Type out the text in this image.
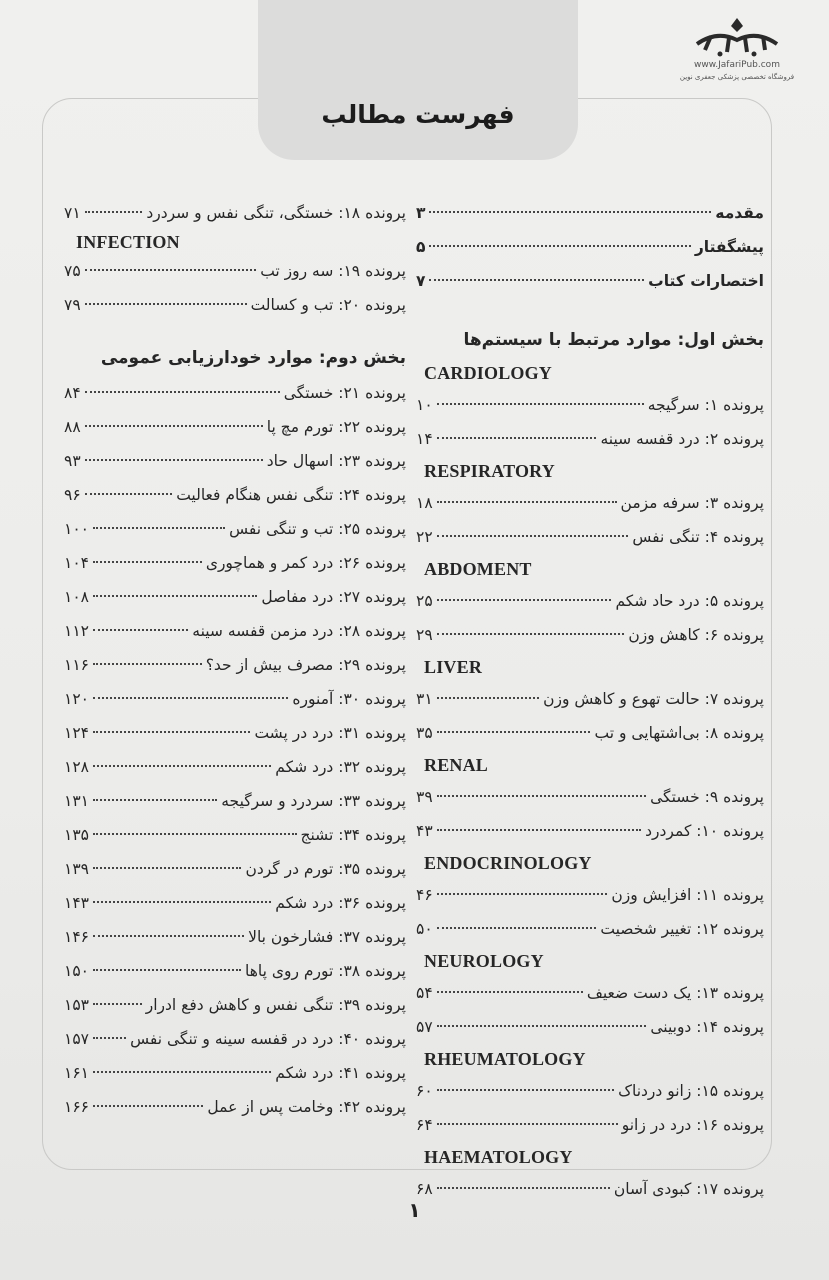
www.JafariPub.com
فروشگاه تخصصی پزشکی جعفری نوین
فهرست مطالب
مقدمه
۳
پیشگفتار
۵
اختصارات کتاب
۷
بخش اول: موارد مرتبط با سیستم‌ها
CARDIOLOGY
پرونده ۱: سرگیجه
۱۰
پرونده ۲: درد قفسه سینه
۱۴
RESPIRATORY
پرونده ۳: سرفه مزمن
۱۸
پرونده ۴: تنگی نفس
۲۲
ABDOMENT
پرونده ۵: درد حاد شکم
۲۵
پرونده ۶: کاهش وزن
۲۹
LIVER
پرونده ۷: حالت تهوع و کاهش وزن
۳۱
پرونده ۸: بی‌اشتهایی و تب
۳۵
RENAL
پرونده ۹: خستگی
۳۹
پرونده ۱۰: کمردرد
۴۳
ENDOCRINOLOGY
پرونده ۱۱: افزایش وزن
۴۶
پرونده ۱۲: تغییر شخصیت
۵۰
NEUROLOGY
پرونده ۱۳: یک دست ضعیف
۵۴
پرونده ۱۴: دوبینی
۵۷
RHEUMATOLOGY
پرونده ۱۵: زانو دردناک
۶۰
پرونده ۱۶: درد در زانو
۶۴
HAEMATOLOGY
پرونده ۱۷: کبودی آسان
۶۸
پرونده ۱۸: خستگی، تنگی نفس و سردرد
۷۱
INFECTION
پرونده ۱۹: سه روز تب
۷۵
پرونده ۲۰: تب و کسالت
۷۹
بخش دوم: موارد خودارزیابی عمومی
پرونده ۲۱: خستگی
۸۴
پرونده ۲۲: تورم مچ پا
۸۸
پرونده ۲۳: اسهال حاد
۹۳
پرونده ۲۴: تنگی نفس هنگام فعالیت
۹۶
پرونده ۲۵: تب و تنگی نفس
۱۰۰
پرونده ۲۶: درد کمر و هماچوری
۱۰۴
پرونده ۲۷: درد مفاصل
۱۰۸
پرونده ۲۸: درد مزمن قفسه سینه
۱۱۲
پرونده ۲۹: مصرف بیش از حد؟
۱۱۶
پرونده ۳۰: آمنوره
۱۲۰
پرونده ۳۱: درد در پشت
۱۲۴
پرونده ۳۲: درد شکم
۱۲۸
پرونده ۳۳: سردرد و سرگیجه
۱۳۱
پرونده ۳۴: تشنج
۱۳۵
پرونده ۳۵: تورم در گردن
۱۳۹
پرونده ۳۶: درد شکم
۱۴۳
پرونده ۳۷: فشارخون بالا
۱۴۶
پرونده ۳۸: تورم روی پاها
۱۵۰
پرونده ۳۹: تنگی نفس و کاهش دفع ادرار
۱۵۳
پرونده ۴۰: درد در قفسه سینه و تنگی نفس
۱۵۷
پرونده ۴۱: درد شکم
۱۶۱
پرونده ۴۲: وخامت پس از عمل
۱۶۶
۱
